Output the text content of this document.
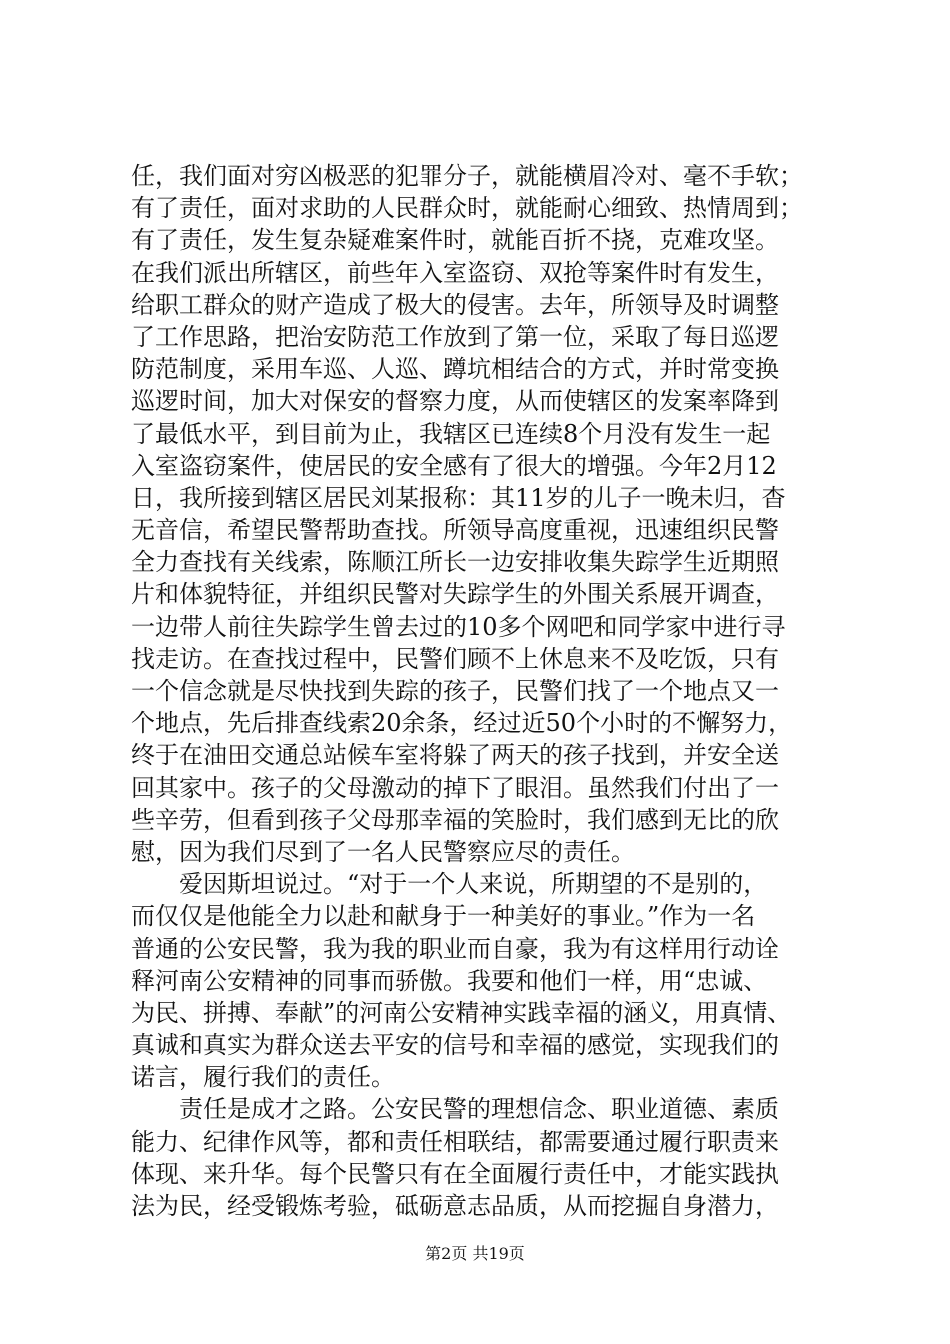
任，我们面对穷凶极恶的犯罪分子，就能横眉冷对、毫不手软；
有了责任，面对求助的人民群众时，就能耐心细致、热情周到；
有了责任，发生复杂疑难案件时，就能百折不挠，克难攻坚。
在我们派出所辖区，前些年入室盗窃、双抢等案件时有发生，
给职工群众的财产造成了极大的侵害。去年，所领导及时调整
了工作思路，把治安防范工作放到了第一位，采取了每日巡逻
防范制度，采用车巡、人巡、蹲坑相结合的方式，并时常变换
巡逻时间，加大对保安的督察力度，从而使辖区的发案率降到
了最低水平，到目前为止，我辖区已连续8个月没有发生一起
入室盗窃案件，使居民的安全感有了很大的增强。今年2月12
日，我所接到辖区居民刘某报称：其11岁的儿子一晚未归，杳
无音信，希望民警帮助查找。所领导高度重视，迅速组织民警
全力查找有关线索，陈顺江所长一边安排收集失踪学生近期照
片和体貌特征，并组织民警对失踪学生的外围关系展开调查，
一边带人前往失踪学生曾去过的10多个网吧和同学家中进行寻
找走访。在查找过程中，民警们顾不上休息来不及吃饭，只有
一个信念就是尽快找到失踪的孩子，民警们找了一个地点又一
个地点，先后排查线索20余条，经过近50个小时的不懈努力，
终于在油田交通总站候车室将躲了两天的孩子找到，并安全送
回其家中。孩子的父母激动的掉下了眼泪。虽然我们付出了一
些辛劳，但看到孩子父母那幸福的笑脸时，我们感到无比的欣
慰，因为我们尽到了一名人民警察应尽的责任。
　　爱因斯坦说过。“对于一个人来说，所期望的不是别的，
而仅仅是他能全力以赴和献身于一种美好的事业。”作为一名
普通的公安民警，我为我的职业而自豪，我为有这样用行动诠
释河南公安精神的同事而骄傲。我要和他们一样，用“忠诚、
为民、拼搏、奉献”的河南公安精神实践幸福的涵义，用真情、
真诚和真实为群众送去平安的信号和幸福的感觉，实现我们的
诺言，履行我们的责任。
　　责任是成才之路。公安民警的理想信念、职业道德、素质
能力、纪律作风等，都和责任相联结，都需要通过履行职责来
体现、来升华。每个民警只有在全面履行责任中，才能实践执
法为民，经受锻炼考验，砥砺意志品质，从而挖掘自身潜力，
第2页 共19页
